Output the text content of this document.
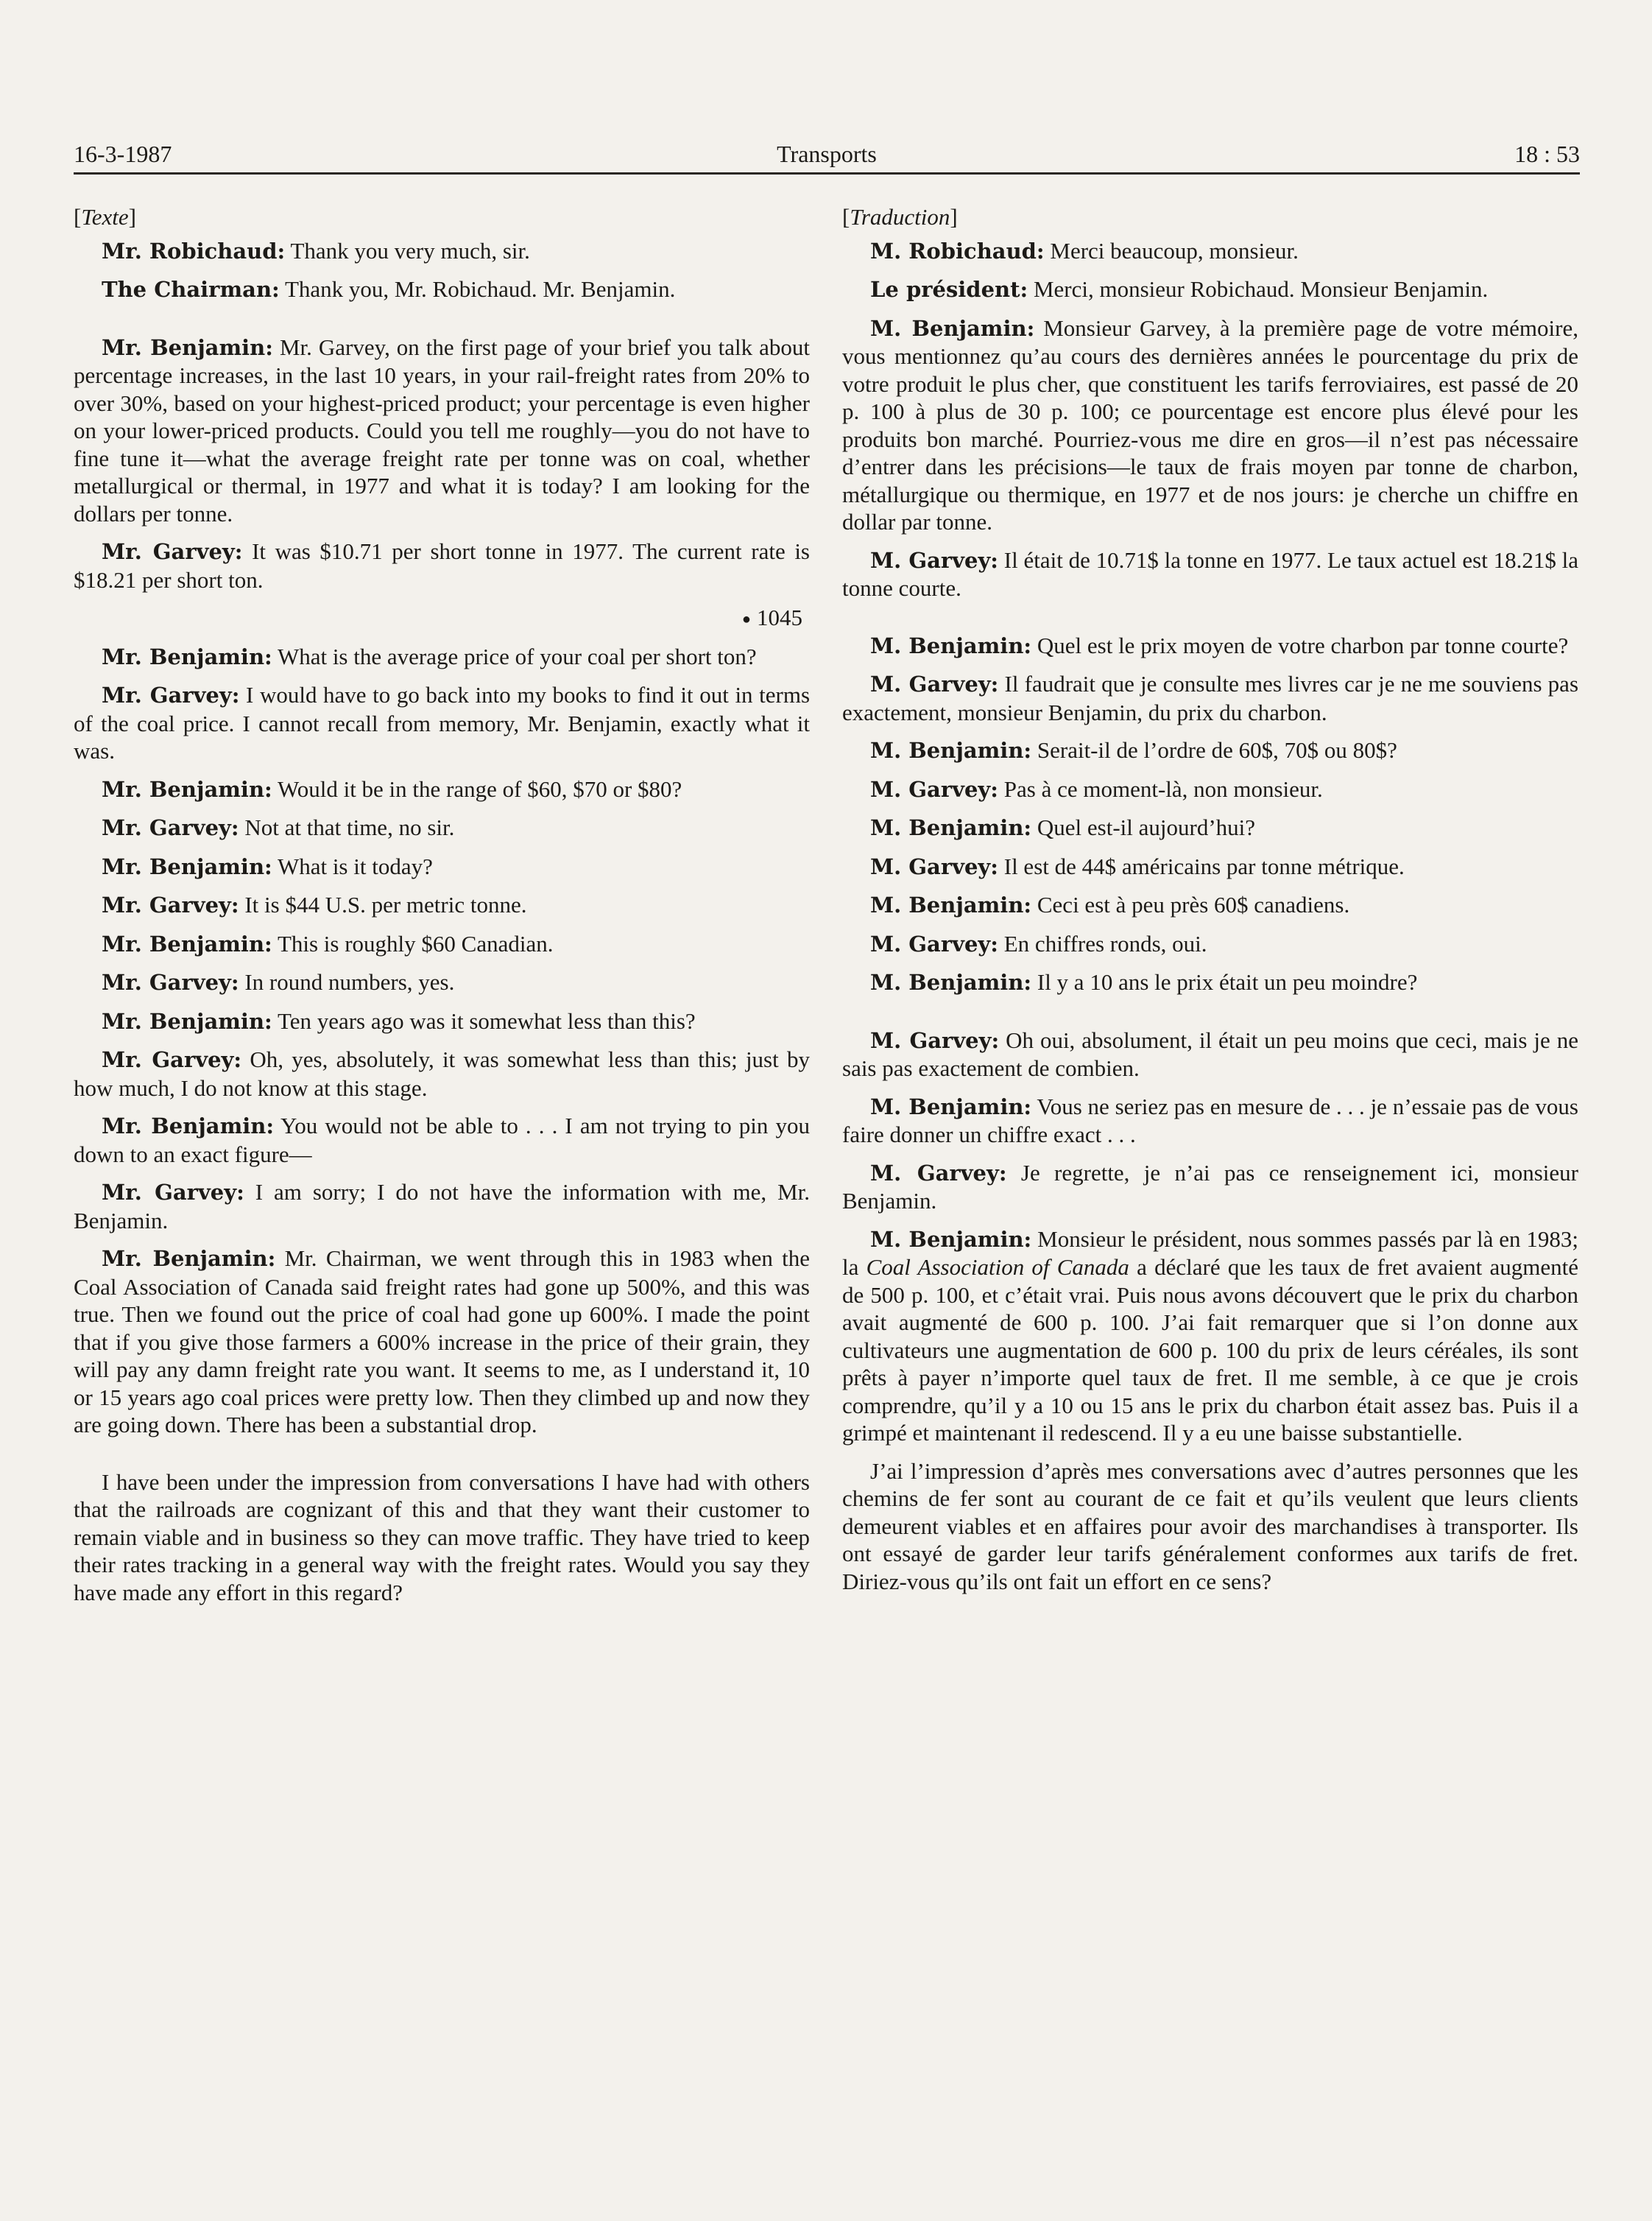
16-3-1987	Transports	18 : 53
[Texte]

Mr. Robichaud: Thank you very much, sir.

The Chairman: Thank you, Mr. Robichaud. Mr. Benjamin.

Mr. Benjamin: Mr. Garvey, on the first page of your brief you talk about percentage increases, in the last 10 years, in your rail-freight rates from 20% to over 30%, based on your highest-priced product; your percentage is even higher on your lower-priced products. Could you tell me roughly—you do not have to fine tune it—what the average freight rate per tonne was on coal, whether metallurgical or thermal, in 1977 and what it is today? I am looking for the dollars per tonne.

Mr. Garvey: It was $10.71 per short tonne in 1977. The current rate is $18.21 per short ton.

● 1045

Mr. Benjamin: What is the average price of your coal per short ton?

Mr. Garvey: I would have to go back into my books to find it out in terms of the coal price. I cannot recall from memory, Mr. Benjamin, exactly what it was.

Mr. Benjamin: Would it be in the range of $60, $70 or $80?

Mr. Garvey: Not at that time, no sir.

Mr. Benjamin: What is it today?

Mr. Garvey: It is $44 U.S. per metric tonne.

Mr. Benjamin: This is roughly $60 Canadian.

Mr. Garvey: In round numbers, yes.

Mr. Benjamin: Ten years ago was it somewhat less than this?

Mr. Garvey: Oh, yes, absolutely, it was somewhat less than this; just by how much, I do not know at this stage.

Mr. Benjamin: You would not be able to . . . I am not trying to pin you down to an exact figure—

Mr. Garvey: I am sorry; I do not have the information with me, Mr. Benjamin.

Mr. Benjamin: Mr. Chairman, we went through this in 1983 when the Coal Association of Canada said freight rates had gone up 500%, and this was true. Then we found out the price of coal had gone up 600%. I made the point that if you give those farmers a 600% increase in the price of their grain, they will pay any damn freight rate you want. It seems to me, as I understand it, 10 or 15 years ago coal prices were pretty low. Then they climbed up and now they are going down. There has been a substantial drop.

I have been under the impression from conversations I have had with others that the railroads are cognizant of this and that they want their customer to remain viable and in business so they can move traffic. They have tried to keep their rates tracking in a general way with the freight rates. Would you say they have made any effort in this regard?

[Traduction]

M. Robichaud: Merci beaucoup, monsieur.

Le président: Merci, monsieur Robichaud. Monsieur Benjamin.

M. Benjamin: Monsieur Garvey, à la première page de votre mémoire, vous mentionnez qu’au cours des dernières années le pourcentage du prix de votre produit le plus cher, que constituent les tarifs ferroviaires, est passé de 20 p. 100 à plus de 30 p. 100; ce pourcentage est encore plus élevé pour les produits bon marché. Pourriez-vous me dire en gros—il n’est pas nécessaire d’entrer dans les précisions—le taux de frais moyen par tonne de charbon, métallurgique ou thermique, en 1977 et de nos jours: je cherche un chiffre en dollar par tonne.

M. Garvey: Il était de 10.71$ la tonne en 1977. Le taux actuel est 18.21$ la tonne courte.

M. Benjamin: Quel est le prix moyen de votre charbon par tonne courte?

M. Garvey: Il faudrait que je consulte mes livres car je ne me souviens pas exactement, monsieur Benjamin, du prix du charbon.

M. Benjamin: Serait-il de l’ordre de 60$, 70$ ou 80$?

M. Garvey: Pas à ce moment-là, non monsieur.

M. Benjamin: Quel est-il aujourd’hui?

M. Garvey: Il est de 44$ américains par tonne métrique.

M. Benjamin: Ceci est à peu près 60$ canadiens.

M. Garvey: En chiffres ronds, oui.

M. Benjamin: Il y a 10 ans le prix était un peu moindre?

M. Garvey: Oh oui, absolument, il était un peu moins que ceci, mais je ne sais pas exactement de combien.

M. Benjamin: Vous ne seriez pas en mesure de . . . je n’essaie pas de vous faire donner un chiffre exact . . .

M. Garvey: Je regrette, je n’ai pas ce renseignement ici, monsieur Benjamin.

M. Benjamin: Monsieur le président, nous sommes passés par là en 1983; la Coal Association of Canada a déclaré que les taux de fret avaient augmenté de 500 p. 100, et c’était vrai. Puis nous avons découvert que le prix du charbon avait augmenté de 600 p. 100. J’ai fait remarquer que si l’on donne aux cultivateurs une augmentation de 600 p. 100 du prix de leurs céréales, ils sont prêts à payer n’importe quel taux de fret. Il me semble, à ce que je crois comprendre, qu’il y a 10 ou 15 ans le prix du charbon était assez bas. Puis il a grimpé et maintenant il redescend. Il y a eu une baisse substantielle.

J’ai l’impression d’après mes conversations avec d’autres personnes que les chemins de fer sont au courant de ce fait et qu’ils veulent que leurs clients demeurent viables et en affaires pour avoir des marchandises à transporter. Ils ont essayé de garder leur tarifs généralement conformes aux tarifs de fret. Diriez-vous qu’ils ont fait un effort en ce sens?
